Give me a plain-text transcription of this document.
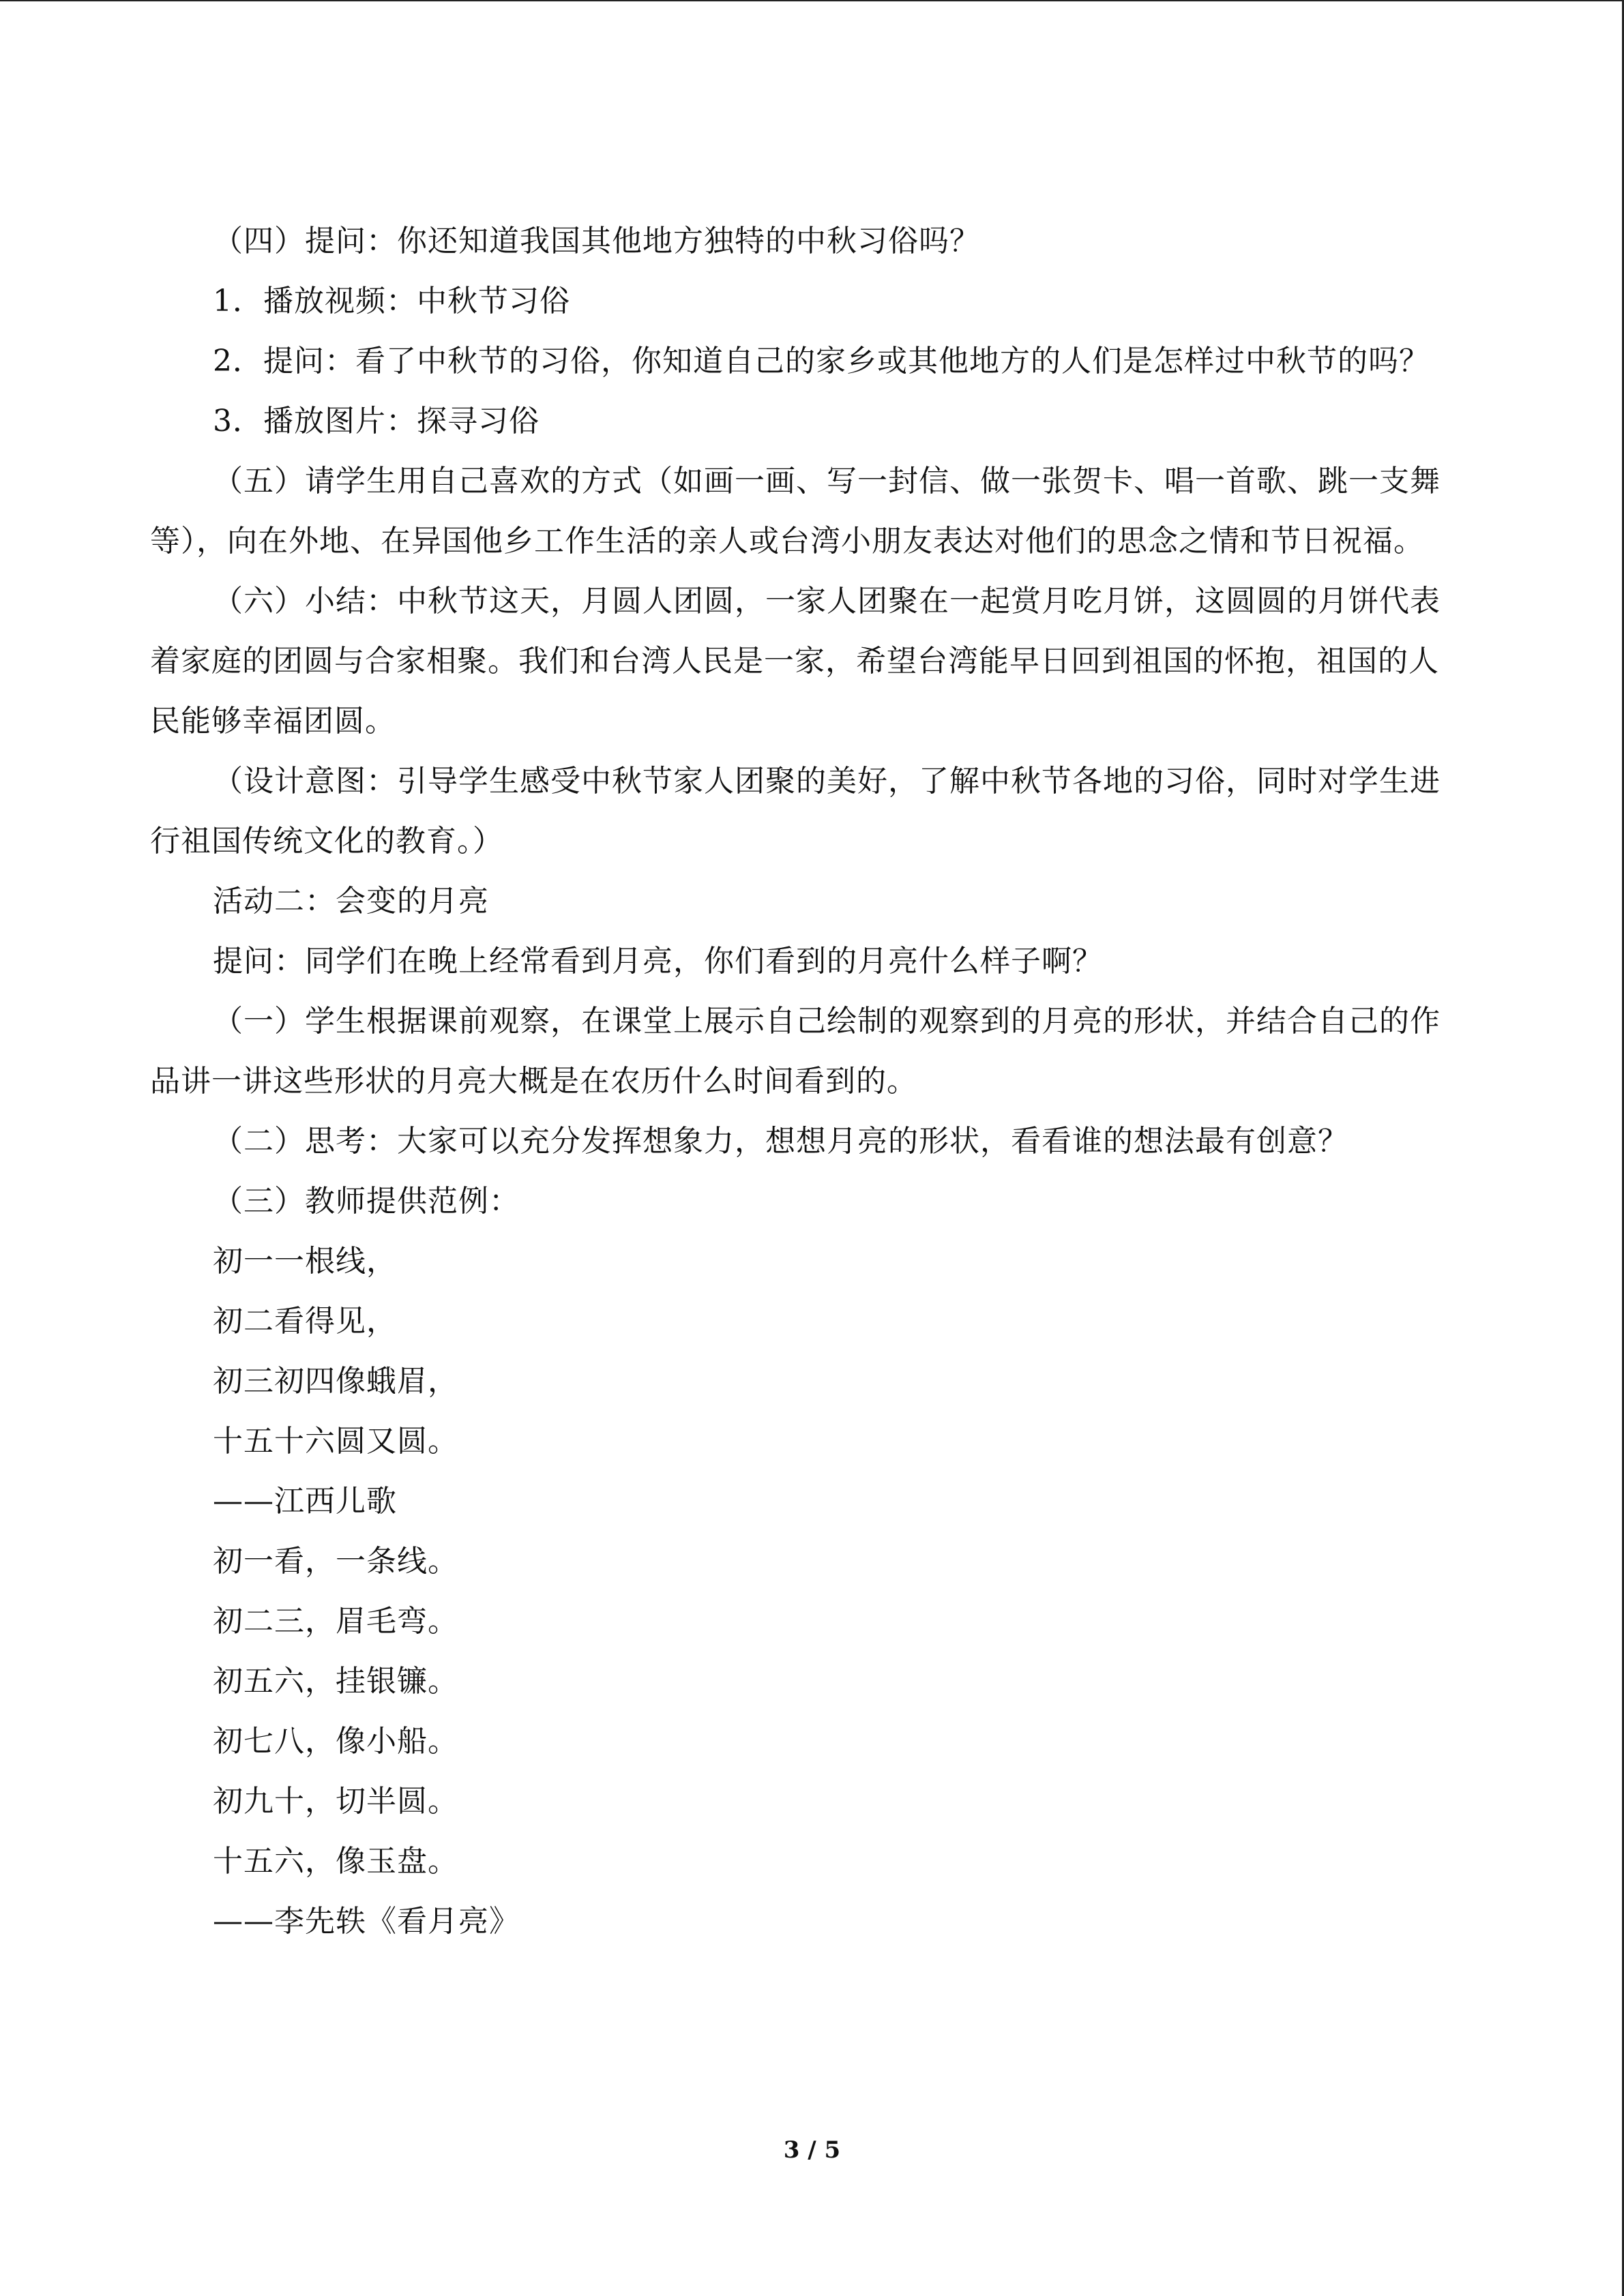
（四）提问：你还知道我国其他地方独特的中秋习俗吗？

1．播放视频：中秋节习俗

2．提问：看了中秋节的习俗，你知道自己的家乡或其他地方的人们是怎样过中秋节的吗？

3．播放图片：探寻习俗

（五）请学生用自己喜欢的方式（如画一画、写一封信、做一张贺卡、唱一首歌、跳一支舞等），向在外地、在异国他乡工作生活的亲人或台湾小朋友表达对他们的思念之情和节日祝福。

（六）小结：中秋节这天，月圆人团圆，一家人团聚在一起赏月吃月饼，这圆圆的月饼代表着家庭的团圆与合家相聚。我们和台湾人民是一家，希望台湾能早日回到祖国的怀抱，祖国的人民能够幸福团圆。

（设计意图：引导学生感受中秋节家人团聚的美好，了解中秋节各地的习俗，同时对学生进行祖国传统文化的教育。）

活动二：会变的月亮

提问：同学们在晚上经常看到月亮，你们看到的月亮什么样子啊？

（一）学生根据课前观察，在课堂上展示自己绘制的观察到的月亮的形状，并结合自己的作品讲一讲这些形状的月亮大概是在农历什么时间看到的。

（二）思考：大家可以充分发挥想象力，想想月亮的形状，看看谁的想法最有创意？

（三）教师提供范例：

初一一根线，

初二看得见，

初三初四像蛾眉，

十五十六圆又圆。

——江西儿歌

初一看，一条线。

初二三，眉毛弯。

初五六，挂银镰。

初七八，像小船。

初九十，切半圆。

十五六，像玉盘。

——李先轶《看月亮》

3 / 5
